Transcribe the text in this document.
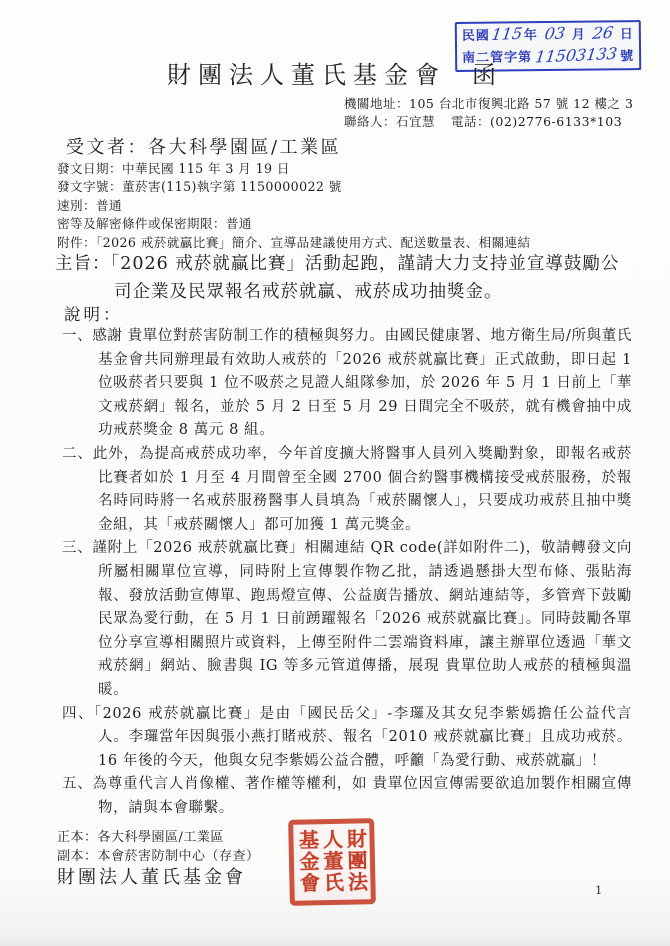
民國 115 年 03 月 26 日
南二管字第 11503133 號
財團法人董氏基金會 函
機關地址：105 台北市復興北路 57 號 12 樓之 3
聯絡人：石宜慧 電話：(02)2776-6133*103
受文者：各大科學園區/工業區
發文日期：中華民國 115 年 3 月 19 日
發文字號：董菸害(115)執字第 1150000022 號
速別：普通
密等及解密條件或保密期限：普通
附件：「2026 戒菸就贏比賽」簡介、宣導品建議使用方式、配送數量表、相關連結
主旨：「2026 戒菸就贏比賽」活動起跑，謹請大力支持並宣導鼓勵公司企業及民眾報名戒菸就贏、戒菸成功抽獎金。
說明：
一、感謝 貴單位對菸害防制工作的積極與努力。由國民健康署、地方衛生局/所與董氏基金會共同辦理最有效助人戒菸的「2026 戒菸就贏比賽」正式啟動，即日起 1 位吸菸者只要與 1 位不吸菸之見證人組隊參加，於 2026 年 5 月 1 日前上「華文戒菸網」報名，並於 5 月 2 日至 5 月 29 日間完全不吸菸，就有機會抽中成功戒菸獎金 8 萬元 8 組。
二、此外，為提高戒菸成功率，今年首度擴大將醫事人員列入獎勵對象，即報名戒菸比賽者如於 1 月至 4 月間曾至全國 2700 個合約醫事機構接受戒菸服務，於報名時同時將一名戒菸服務醫事人員填為「戒菸關懷人」，只要成功戒菸且抽中獎金組，其「戒菸關懷人」都可加獲 1 萬元獎金。
三、謹附上「2026 戒菸就贏比賽」相關連結 QR code(詳如附件二)，敬請轉發文向所屬相關單位宣導，同時附上宣傳製作物乙批，請透過懸掛大型布條、張貼海報、發放活動宣傳單、跑馬燈宣傳、公益廣告播放、網站連結等，多管齊下鼓勵民眾為愛行動，在 5 月 1 日前踴躍報名「2026 戒菸就贏比賽」。同時鼓勵各單位分享宣導相關照片或資料，上傳至附件二雲端資料庫，讓主辦單位透過「華文戒菸網」網站、臉書與 IG 等多元管道傳播，展現 貴單位助人戒菸的積極與溫暖。
四、「2026 戒菸就贏比賽」是由「國民岳父」-李㼈及其女兒李紫嫣擔任公益代言人。李㼈當年因與張小燕打賭戒菸、報名「2010 戒菸就贏比賽」且成功戒菸。16 年後的今天，他與女兒李紫嫣公益合體，呼籲「為愛行動、戒菸就贏」！
五、為尊重代言人肖像權、著作權等權利，如 貴單位因宣傳需要欲追加製作相關宣傳物，請與本會聯繫。
正本：各大科學園區/工業區
副本：本會菸害防制中心（存查）
財團法人董氏基金會	財團法人董氏基金會	1
